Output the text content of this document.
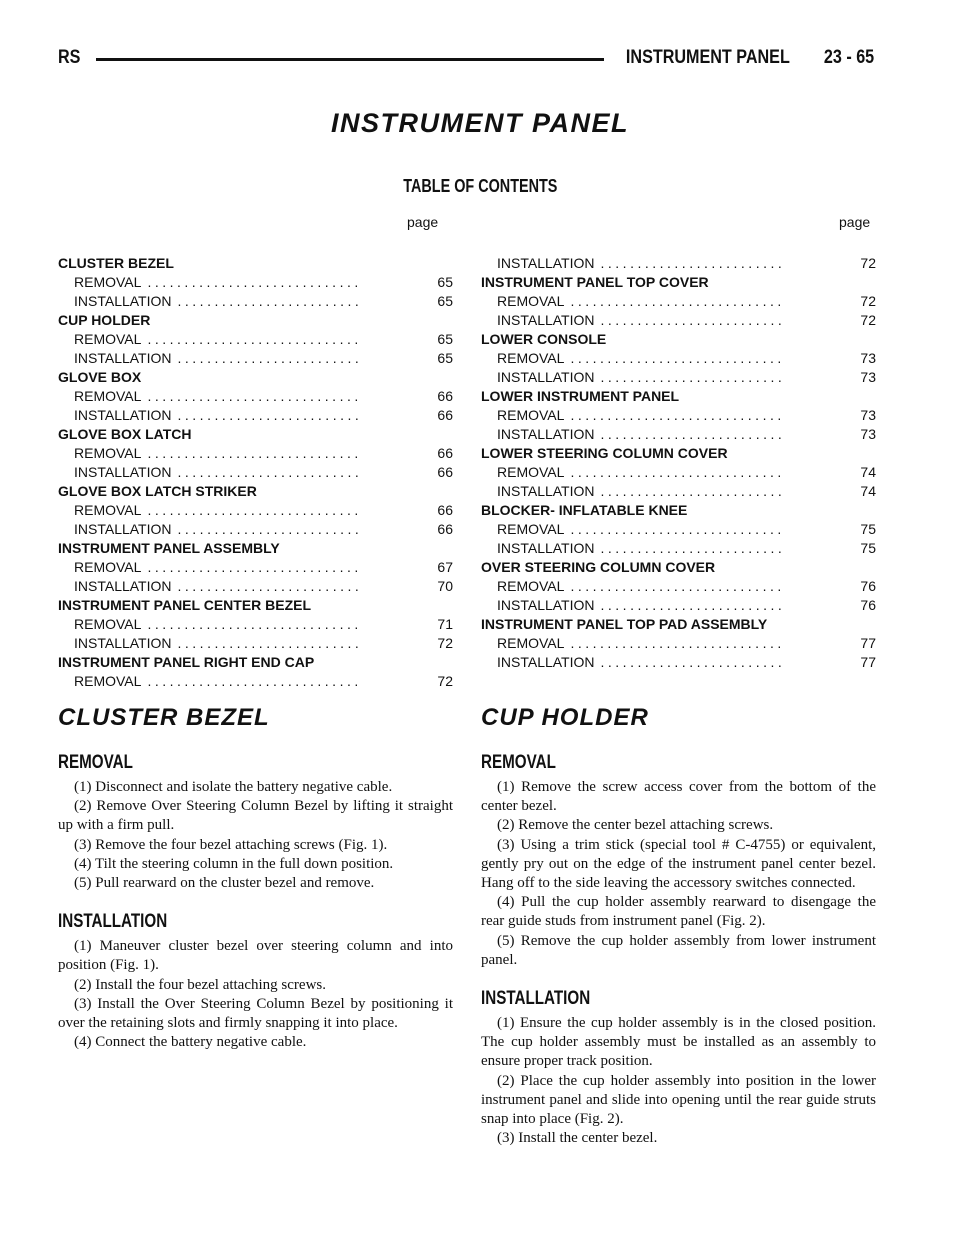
RS	INSTRUMENT PANEL 23 - 65
INSTRUMENT PANEL
TABLE OF CONTENTS
page	page
CLUSTER BEZEL
REMOVAL .............................	65
INSTALLATION .........................	65
CUP HOLDER
REMOVAL .............................	65
INSTALLATION .........................	65
GLOVE BOX
REMOVAL .............................	66
INSTALLATION .........................	66
GLOVE BOX LATCH
REMOVAL .............................	66
INSTALLATION .........................	66
GLOVE BOX LATCH STRIKER
REMOVAL .............................	66
INSTALLATION .........................	66
INSTRUMENT PANEL ASSEMBLY
REMOVAL .............................	67
INSTALLATION .........................	70
INSTRUMENT PANEL CENTER BEZEL
REMOVAL .............................	71
INSTALLATION .........................	72
INSTRUMENT PANEL RIGHT END CAP
REMOVAL .............................	72
INSTALLATION .........................	72
INSTRUMENT PANEL TOP COVER
REMOVAL .............................	72
INSTALLATION .........................	72
LOWER CONSOLE
REMOVAL .............................	73
INSTALLATION .........................	73
LOWER INSTRUMENT PANEL
REMOVAL .............................	73
INSTALLATION .........................	73
LOWER STEERING COLUMN COVER
REMOVAL .............................	74
INSTALLATION .........................	74
BLOCKER- INFLATABLE KNEE
REMOVAL .............................	75
INSTALLATION .........................	75
OVER STEERING COLUMN COVER
REMOVAL .............................	76
INSTALLATION .........................	76
INSTRUMENT PANEL TOP PAD ASSEMBLY
REMOVAL .............................	77
INSTALLATION .........................	77
CLUSTER BEZEL
REMOVAL

(1) Disconnect and isolate the battery negative cable.

(2) Remove Over Steering Column Bezel by lifting it straight up with a firm pull.

(3) Remove the four bezel attaching screws (Fig. 1).

(4) Tilt the steering column in the full down position.

(5) Pull rearward on the cluster bezel and remove.

INSTALLATION

(1) Maneuver cluster bezel over steering column and into position (Fig. 1).

(2) Install the four bezel attaching screws.

(3) Install the Over Steering Column Bezel by positioning it over the retaining slots and firmly snapping it into place.

(4) Connect the battery negative cable.

CUP HOLDER
REMOVAL

(1) Remove the screw access cover from the bottom of the center bezel.

(2) Remove the center bezel attaching screws.

(3) Using a trim stick (special tool # C-4755) or equivalent, gently pry out on the edge of the instrument panel center bezel. Hang off to the side leaving the accessory switches connected.

(4) Pull the cup holder assembly rearward to disengage the rear guide studs from instrument panel (Fig. 2).

(5) Remove the cup holder assembly from lower instrument panel.

INSTALLATION

(1) Ensure the cup holder assembly is in the closed position. The cup holder assembly must be installed as an assembly to ensure proper track position.

(2) Place the cup holder assembly into position in the lower instrument panel and slide into opening until the rear guide struts snap into place (Fig. 2).

(3) Install the center bezel.
